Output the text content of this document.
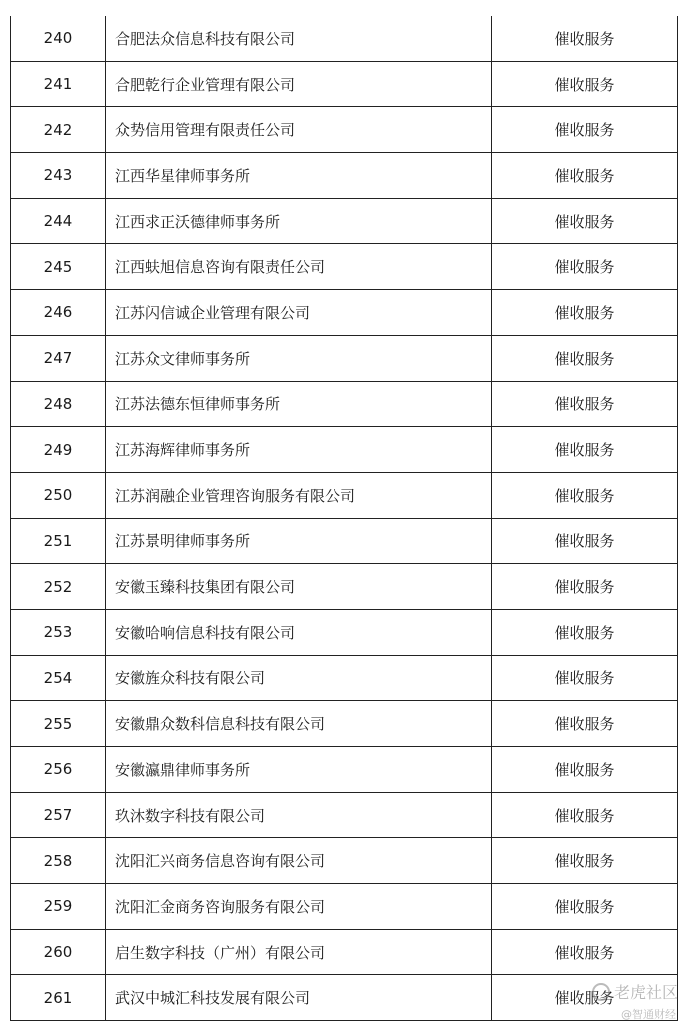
240	合肥法众信息科技有限公司	催收服务
241	合肥乾行企业管理有限公司	催收服务
242	众势信用管理有限责任公司	催收服务
243	江西华星律师事务所	催收服务
244	江西求正沃德律师事务所	催收服务
245	江西蚨旭信息咨询有限责任公司	催收服务
246	江苏闪信诚企业管理有限公司	催收服务
247	江苏众文律师事务所	催收服务
248	江苏法德东恒律师事务所	催收服务
249	江苏海辉律师事务所	催收服务
250	江苏润融企业管理咨询服务有限公司	催收服务
251	江苏景明律师事务所	催收服务
252	安徽玉臻科技集团有限公司	催收服务
253	安徽哈响信息科技有限公司	催收服务
254	安徽旌众科技有限公司	催收服务
255	安徽鼎众数科信息科技有限公司	催收服务
256	安徽瀛鼎律师事务所	催收服务
257	玖沐数字科技有限公司	催收服务
258	沈阳汇兴商务信息咨询有限公司	催收服务
259	沈阳汇金商务咨询服务有限公司	催收服务
260	启生数字科技（广州）有限公司	催收服务
261	武汉中城汇科技发展有限公司	催收服务 老虎社区
@智通财经
